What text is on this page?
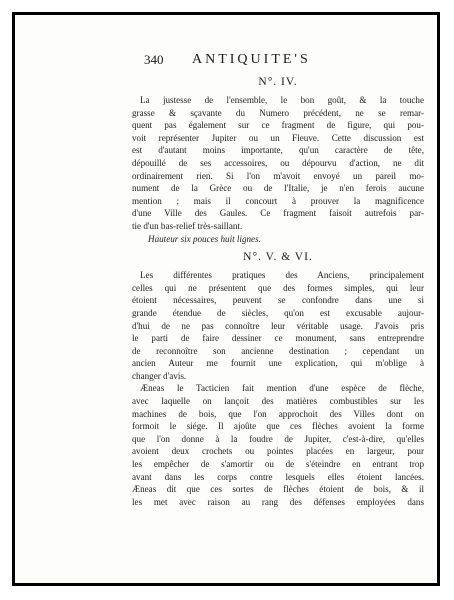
340 ANTIQUITE'S
N°. IV.
La justesse de l'ensemble, le bon goût, & la touche
grasse & sçavante du Numero précédent, ne se remar-
quent pas également sur ce fragment de figure, qui pou-
voit représenter Jupiter ou un Fleuve. Cette discussion est
est d'autant moins importante, qu'un caractère de tête,
dépouillé de ses accessoires, ou dépourvu d'action, ne dit
ordinairement rien. Si l'on m'avoit envoyé un pareil mo-
nument de la Grèce ou de l'Italie, je n'en ferois aucune
mention ; mais il concourt à prouver la magnificence
d'une Ville des Gaules. Ce fragment faisoit autrefois par-
tie d'un bas-relief très-saillant.
Hauteur six pouces huit lignes.
N°. V. & VI.
Les différentes pratiques des Anciens, principalement
celles qui ne présentent que des formes simples, qui leur
étoient nécessaires, peuvent se confondre dans une si
grande étendue de siècles, qu'on est excusable aujour-
d'hui de ne pas connoître leur véritable usage. J'avois pris
le parti de faire dessiner ce monument, sans entreprendre
de reconnoître son ancienne destination ; cependant un
ancien Auteur me fournit une explication, qui m'oblige à
changer d'avis.
Æneas le Tacticien fait mention d'une espèce de flèche,
avec laquelle on lançoit des matières combustibles sur les
machines de bois, que l'on approchoit des Villes dont on
formoit le siége. Il ajoûte que ces flèches avoient la forme
que l'on donne à la foudre de Jupiter, c'est-à-dire, qu'elles
avoient deux crochets ou pointes placées en largeur, pour
les empêcher de s'amortir ou de s'éteindre en entrant trop
avant dans les corps contre lesquels elles étoient lancées.
Æneas dit que ces sortes de flèches étoient de bois, & il
les met avec raison au rang des défenses employées dans
